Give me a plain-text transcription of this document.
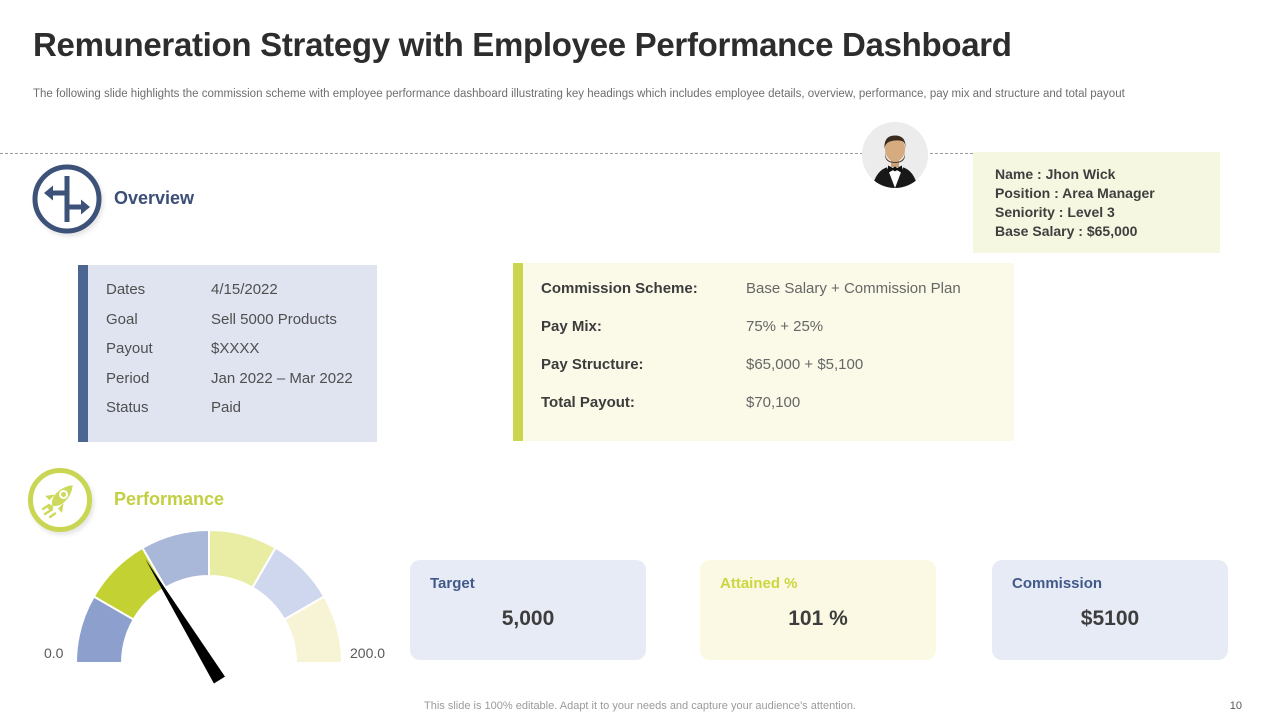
Remuneration Strategy with Employee Performance Dashboard
The following slide highlights the commission scheme with employee performance dashboard illustrating key headings which includes employee details, overview, performance, pay mix and structure and total payout
Overview
Name : Jhon Wick
Position : Area Manager
Seniority : Level 3
Base Salary : $65,000
Dates	4/15/2022
Goal	Sell 5000 Products
Payout	$XXXX
Period	Jan 2022 – Mar 2022
Status	Paid
Commission Scheme:	Base Salary + Commission Plan
Pay Mix:	75% + 25%
Pay Structure:	$65,000 + $5,100
Total Payout:	$70,100
Performance
0.0	200.0
Target
5,000
Attained %
101 %
Commission
$5100
This slide is 100% editable. Adapt it to your needs and capture your audience's attention.	10
